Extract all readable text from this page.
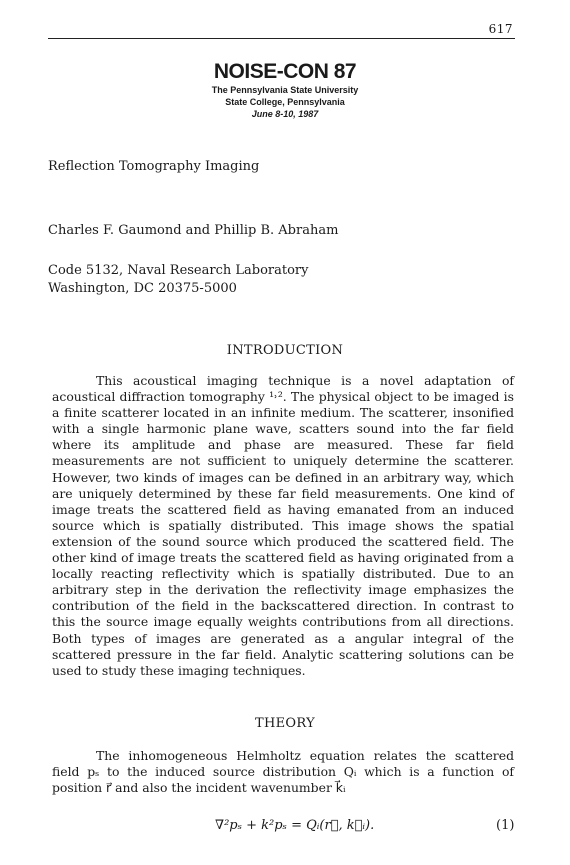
617
NOISE-CON 87
The Pennsylvania State University
State College, Pennsylvania
June 8-10, 1987
Reflection Tomography Imaging
Charles F. Gaumond and Phillip B. Abraham
Code 5132, Naval Research Laboratory
Washington, DC 20375-5000
INTRODUCTION
This acoustical imaging technique is a novel adaptation of acoustical diffraction tomography ¹˒². The physical object to be imaged is a finite scatterer located in an infinite medium. The scatterer, insonified with a single harmonic plane wave, scatters sound into the far field where its amplitude and phase are measured. These far field measurements are not sufficient to uniquely determine the scatterer. However, two kinds of images can be defined in an arbitrary way, which are uniquely determined by these far field measurements. One kind of image treats the scattered field as having emanated from an induced source which is spatially distributed. This image shows the spatial extension of the sound source which produced the scattered field. The other kind of image treats the scattered field as having originated from a locally reacting reflectivity which is spatially distributed. Due to an arbitrary step in the derivation the reflectivity image emphasizes the contribution of the field in the backscattered direction. In contrast to this the source image equally weights contributions from all directions. Both types of images are generated as a angular integral of the scattered pressure in the far field. Analytic scattering solutions can be used to study these imaging techniques.
THEORY
The inhomogeneous Helmholtz equation relates the scattered field pₛ to the induced source distribution Qᵢ which is a function of position r⃗ and also the incident wavenumber k⃗ᵢ
∇²pₛ + k²pₛ = Qᵢ(r⃗, k⃗ᵢ).	(1)
